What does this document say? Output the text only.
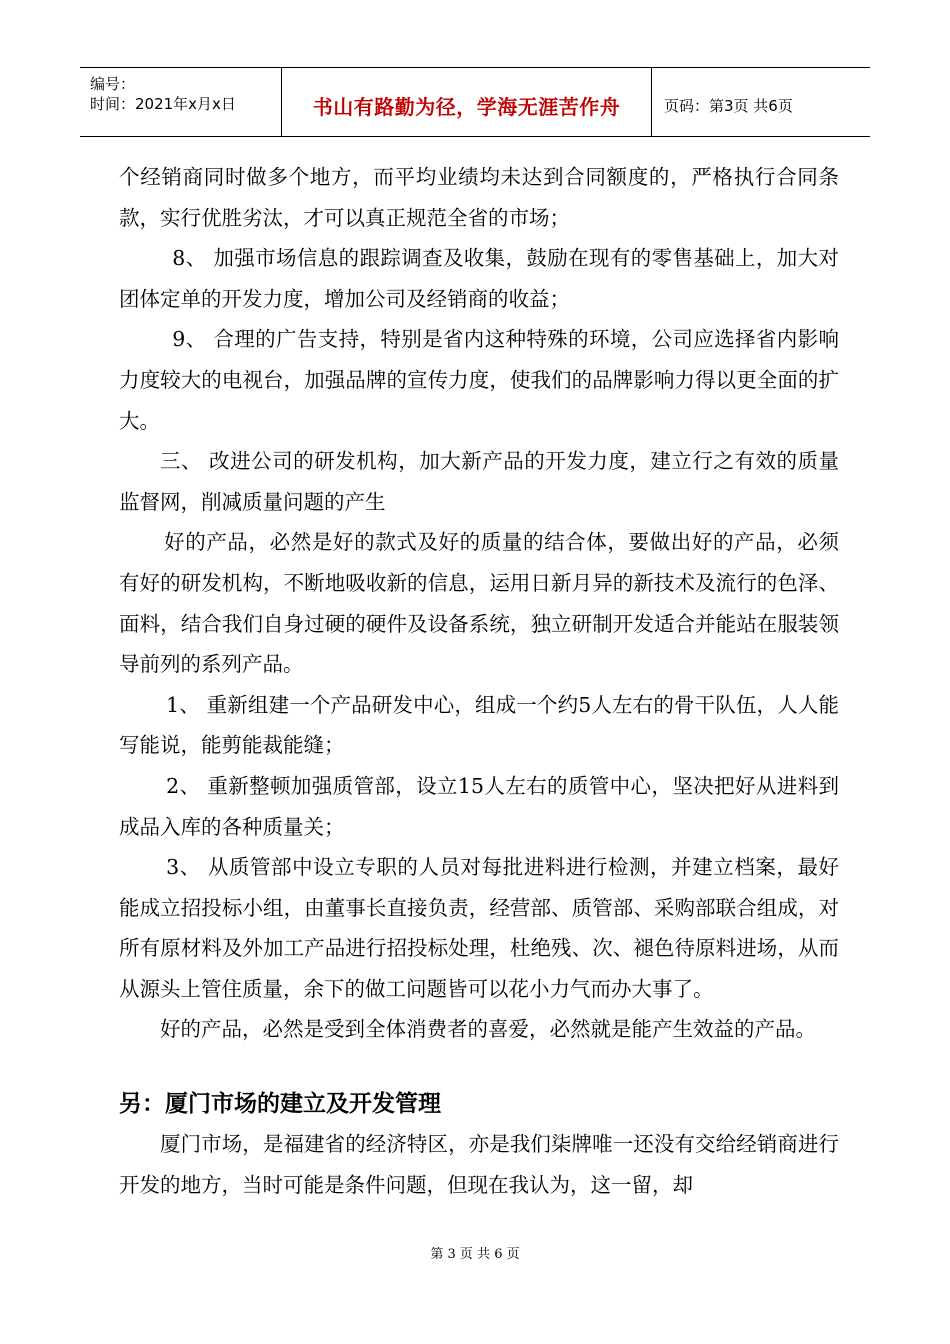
编号：
时间：2021年x月x日	书山有路勤为径，学海无涯苦作舟	页码：第3页 共6页

个经销商同时做多个地方，而平均业绩均未达到合同额度的，严格执行合同条款，实行优胜劣汰，才可以真正规范全省的市场；

8、 加强市场信息的跟踪调查及收集，鼓励在现有的零售基础上，加大对团体定单的开发力度，增加公司及经销商的收益；

9、 合理的广告支持，特别是省内这种特殊的环境，公司应选择省内影响力度较大的电视台，加强品牌的宣传力度，使我们的品牌影响力得以更全面的扩大。

三、 改进公司的研发机构，加大新产品的开发力度，建立行之有效的质量监督网，削减质量问题的产生

好的产品，必然是好的款式及好的质量的结合体，要做出好的产品，必须有好的研发机构，不断地吸收新的信息，运用日新月异的新技术及流行的色泽、面料，结合我们自身过硬的硬件及设备系统，独立研制开发适合并能站在服装领导前列的系列产品。

1、 重新组建一个产品研发中心，组成一个约5人左右的骨干队伍，人人能写能说，能剪能裁能缝；

2、 重新整顿加强质管部，设立15人左右的质管中心，坚决把好从进料到成品入库的各种质量关；

3、 从质管部中设立专职的人员对每批进料进行检测，并建立档案，最好能成立招投标小组，由董事长直接负责，经营部、质管部、采购部联合组成，对所有原材料及外加工产品进行招投标处理，杜绝残、次、褪色待原料进场，从而从源头上管住质量，余下的做工问题皆可以花小力气而办大事了。

好的产品，必然是受到全体消费者的喜爱，必然就是能产生效益的产品。

另：厦门市场的建立及开发管理

厦门市场，是福建省的经济特区，亦是我们柒牌唯一还没有交给经销商进行开发的地方，当时可能是条件问题，但现在我认为，这一留，却

第 3 页 共 6 页
